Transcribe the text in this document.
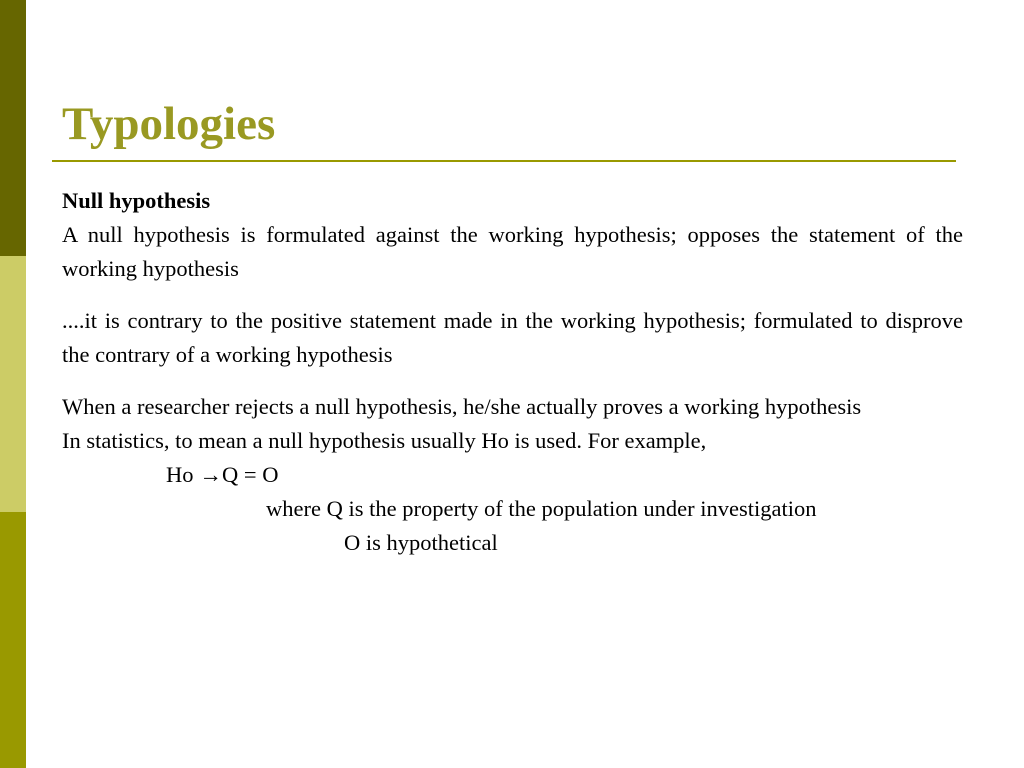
Typologies

Null hypothesis

A null hypothesis is formulated against the working hypothesis; opposes the statement of the working hypothesis

....it is contrary to the positive statement made in the working hypothesis; formulated to disprove the contrary of a working hypothesis

When a researcher rejects a null hypothesis, he/she actually proves a working hypothesis

In statistics, to mean a null hypothesis usually Ho is used. For example,

Ho →Q = O

where Q is the property of the population under investigation

O is hypothetical
